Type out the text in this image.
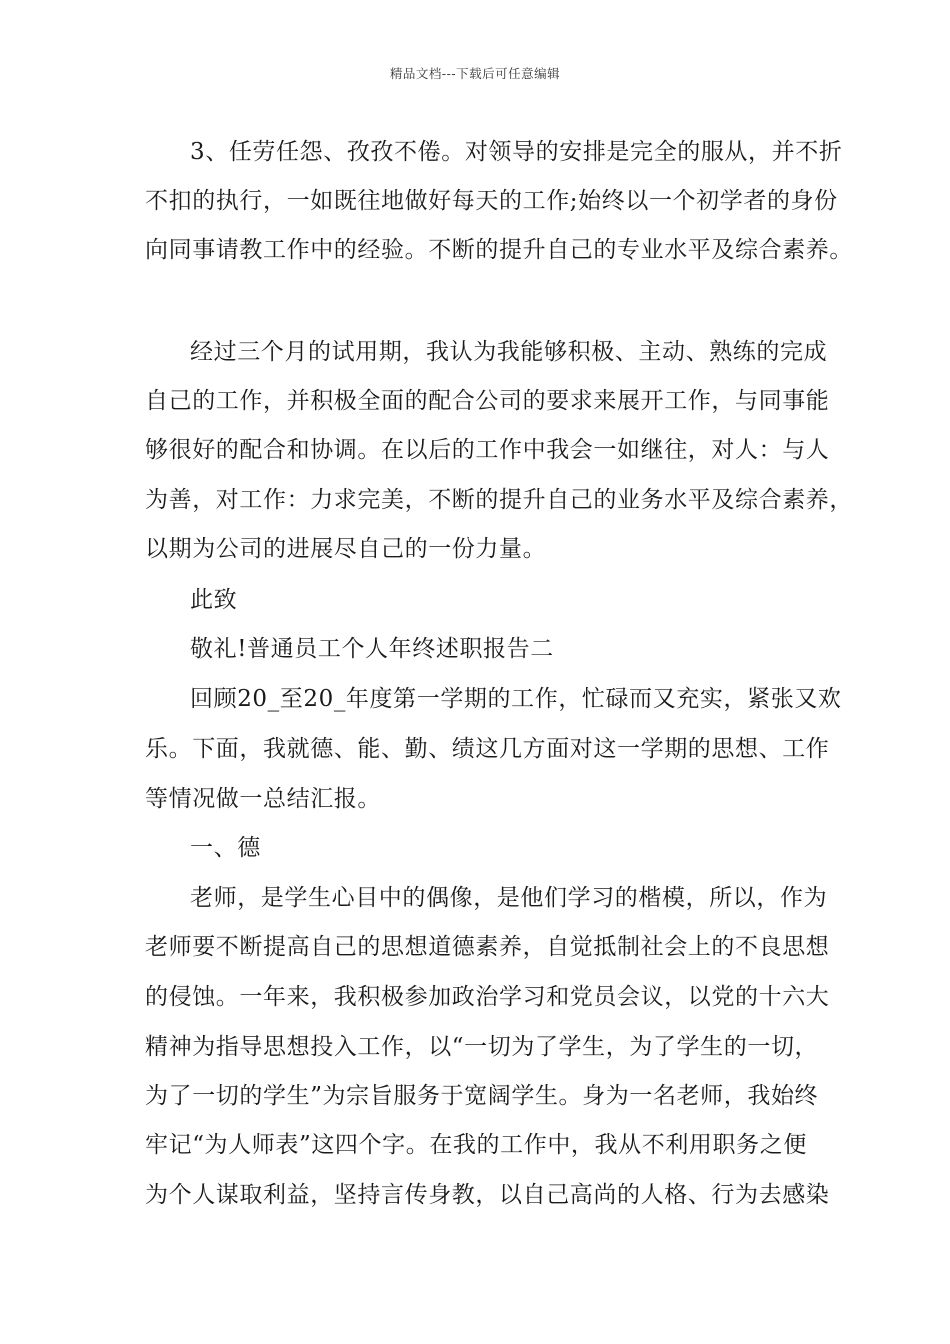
精品文档---下载后可任意编辑
3、任劳任怨、孜孜不倦。对领导的安排是完全的服从，并不折
不扣的执行，一如既往地做好每天的工作;始终以一个初学者的身份
向同事请教工作中的经验。不断的提升自己的专业水平及综合素养。
经过三个月的试用期，我认为我能够积极、主动、熟练的完成
自己的工作，并积极全面的配合公司的要求来展开工作，与同事能
够很好的配合和协调。在以后的工作中我会一如继往，对人：与人
为善，对工作：力求完美，不断的提升自己的业务水平及综合素养，
以期为公司的进展尽自己的一份力量。
此致
敬礼!普通员工个人年终述职报告二
回顾20_至20_年度第一学期的工作，忙碌而又充实，紧张又欢
乐。下面，我就德、能、勤、绩这几方面对这一学期的思想、工作
等情况做一总结汇报。
一、德
老师，是学生心目中的偶像，是他们学习的楷模，所以，作为
老师要不断提高自己的思想道德素养，自觉抵制社会上的不良思想
的侵蚀。一年来，我积极参加政治学习和党员会议，以党的十六大
精神为指导思想投入工作，以“一切为了学生，为了学生的一切，
为了一切的学生”为宗旨服务于宽阔学生。身为一名老师，我始终
牢记“为人师表”这四个字。在我的工作中，我从不利用职务之便
为个人谋取利益，坚持言传身教，以自己高尚的人格、行为去感染
